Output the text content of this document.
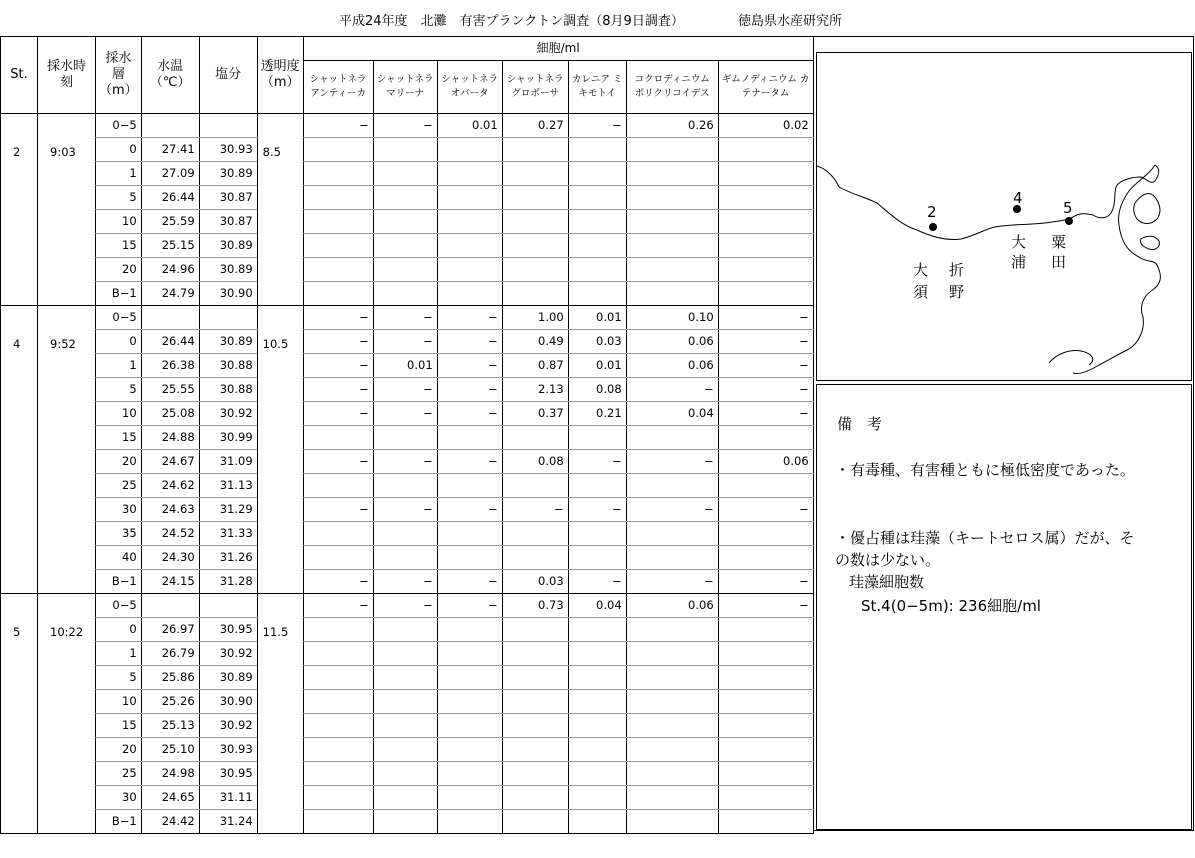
平成24年度　北灘　有害プランクトン調査（8月9日調査）	徳島県水産研究所
St.	採水時刻	採水層（m）	水温（℃）	塩分	透明度（m）	細胞/ml						
						シャットネラ アンティーカ	シャットネラ マリーナ	シャットネラ オバータ	シャットネラ グロボーサ	カレニア ミキモトイ	コクロディニウム ポリクリコイデス	ギムノディニウム カテナータム
2	9:03	0−5			8.5	−	−	0.01	0.27	−	0.26	0.02
		0	27.41	30.93								
		1	27.09	30.89								
		5	26.44	30.87								
		10	25.59	30.87								
		15	25.15	30.89								
		20	24.96	30.89								
		B−1	24.79	30.90								
4	9:52	0−5			10.5	−	−	−	1.00	0.01	0.10	−
		0	26.44	30.89		−	−	−	0.49	0.03	0.06	−
		1	26.38	30.88		−	0.01	−	0.87	0.01	0.06	−
		5	25.55	30.88		−	−	−	2.13	0.08	−	−
		10	25.08	30.92		−	−	−	0.37	0.21	0.04	−
		15	24.88	30.99								
		20	24.67	31.09		−	−	−	0.08	−	−	0.06
		25	24.62	31.13								
		30	24.63	31.29		−	−	−	−	−	−	−
		35	24.52	31.33								
		40	24.30	31.26								
		B−1	24.15	31.28		−	−	−	0.03	−	−	−
5	10:22	0−5			11.5	−	−	−	0.73	0.04	0.06	−
		0	26.97	30.95								
		1	26.79	30.92								
		5	25.86	30.89								
		10	25.26	30.90								
		15	25.13	30.92								
		20	25.10	30.93								
		25	24.98	30.95								
		30	24.65	31.11								
		B−1	24.42	31.24								
2
4
5
大
須
折
野
大
浦
粟
田
備　考
・有毒種、有害種ともに極低密度であった。
・優占種は珪藻（キートセロス属）だが、そ
の数は少ない。
珪藻細胞数
St.4(0−5m): 236細胞/ml
